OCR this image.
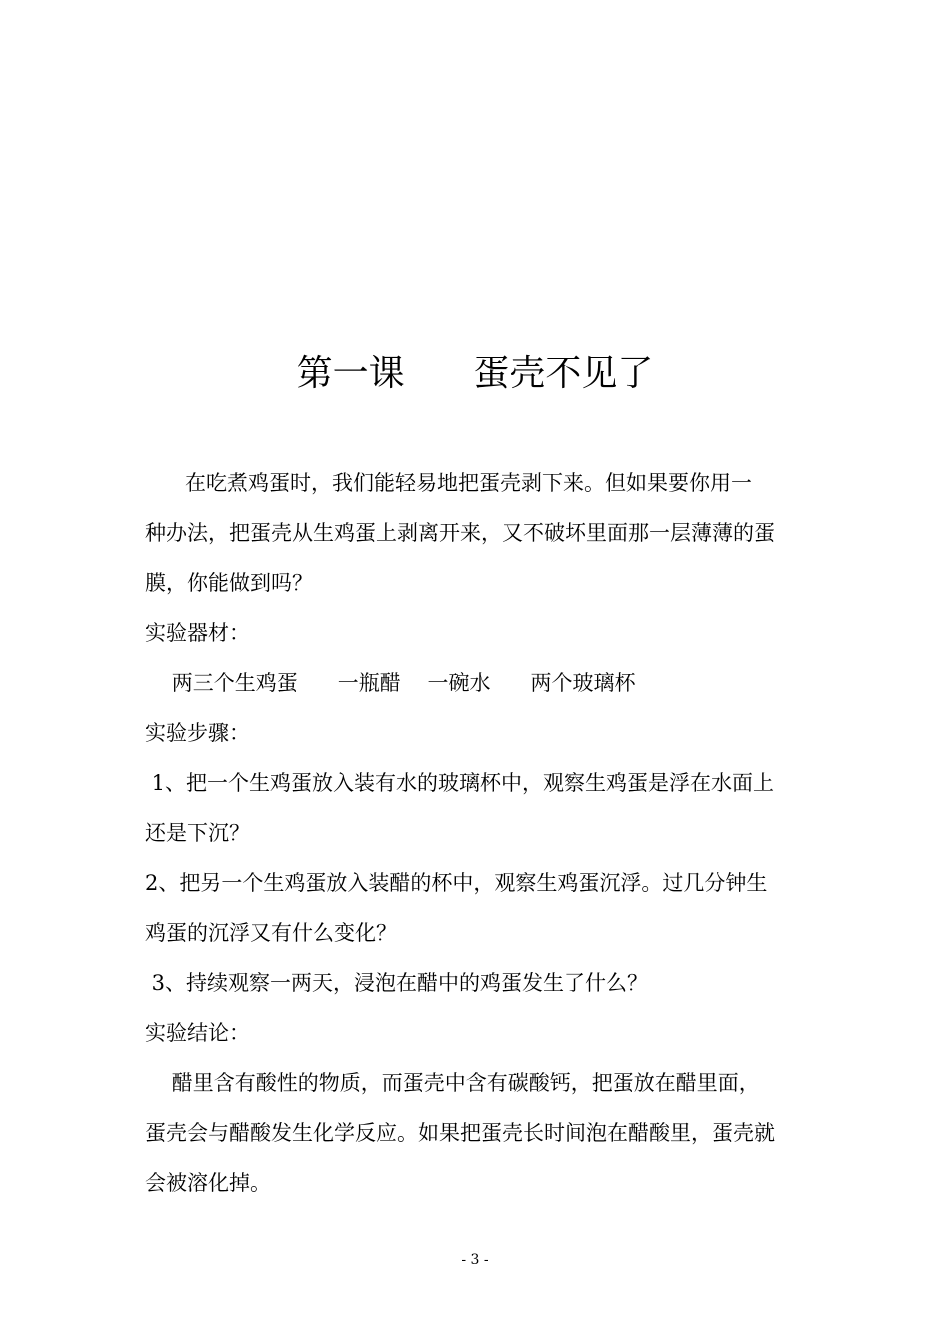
第一课      蛋壳不见了

在吃煮鸡蛋时，我们能轻易地把蛋壳剥下来。但如果要你用一

种办法，把蛋壳从生鸡蛋上剥离开来，又不破坏里面那一层薄薄的蛋

膜，你能做到吗？

实验器材：

两三个生鸡蛋      一瓶醋    一碗水      两个玻璃杯

实验步骤：

1、把一个生鸡蛋放入装有水的玻璃杯中，观察生鸡蛋是浮在水面上

还是下沉？

2、把另一个生鸡蛋放入装醋的杯中，观察生鸡蛋沉浮。过几分钟生

鸡蛋的沉浮又有什么变化？

3、持续观察一两天，浸泡在醋中的鸡蛋发生了什么？

实验结论：

醋里含有酸性的物质，而蛋壳中含有碳酸钙，把蛋放在醋里面，

蛋壳会与醋酸发生化学反应。如果把蛋壳长时间泡在醋酸里，蛋壳就

会被溶化掉。

- 3 -
